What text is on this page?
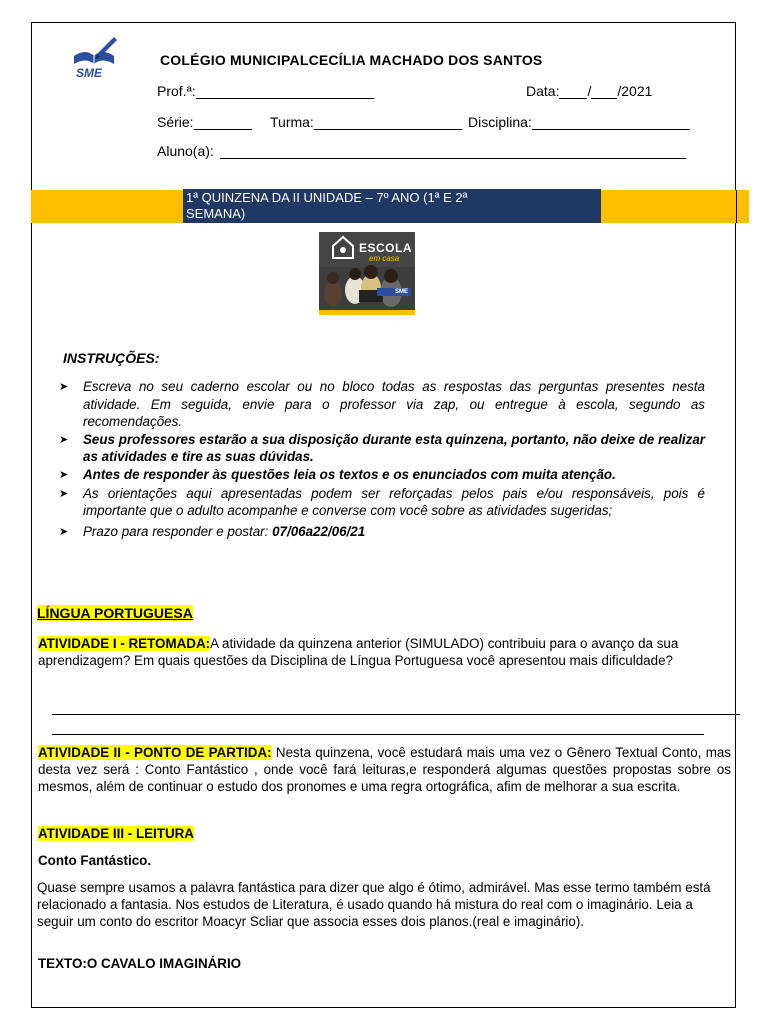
SME
COLÉGIO MUNICIPALCECÍLIA MACHADO DOS SANTOS
Prof.ª:	Data: / /2021
Série:	Turma:	Disciplina:
Aluno(a):
1ª QUINZENA DA II UNIDADE – 7º ANO (1ª E 2ª
SEMANA)
ESCOLA
em casa
SME
INSTRUÇÕES:
➤	Escreva no seu caderno escolar ou no bloco todas as respostas das perguntas presentes nesta atividade. Em seguida, envie para o professor via zap, ou entregue à escola, segundo as recomendações.
➤	Seus professores estarão a sua disposição durante esta quinzena, portanto, não deixe de realizar as atividades e tire as suas dúvidas.
➤	Antes de responder às questões leia os textos e os enunciados com muita atenção.
➤	As orientações aqui apresentadas podem ser reforçadas pelos pais e/ou responsáveis, pois é importante que o adulto acompanhe e converse com você sobre as atividades sugeridas;
➤	Prazo para responder e postar: 07/06a22/06/21
LÍNGUA PORTUGUESA
ATIVIDADE I - RETOMADA:A atividade da quinzena anterior (SIMULADO) contribuiu para o avanço da sua aprendizagem? Em quais questões da Disciplina de Língua Portuguesa você apresentou mais dificuldade?
ATIVIDADE II - PONTO DE PARTIDA: Nesta quinzena, você estudará mais uma vez o Gênero Textual Conto, mas desta vez será : Conto Fantástico , onde você fará leituras,e responderá algumas questões propostas sobre os mesmos, além de continuar o estudo dos pronomes e uma regra ortográfica, afim de melhorar a sua escrita.
ATIVIDADE III - LEITURA
Conto Fantástico.
Quase sempre usamos a palavra fantástica para dizer que algo é ótimo, admirável. Mas esse termo também está relacionado a fantasia. Nos estudos de Literatura, é usado quando há mistura do real com o imaginário. Leia a seguir um conto do escritor Moacyr Scliar que associa esses dois planos.(real e imaginário).
TEXTO:O CAVALO IMAGINÁRIO
